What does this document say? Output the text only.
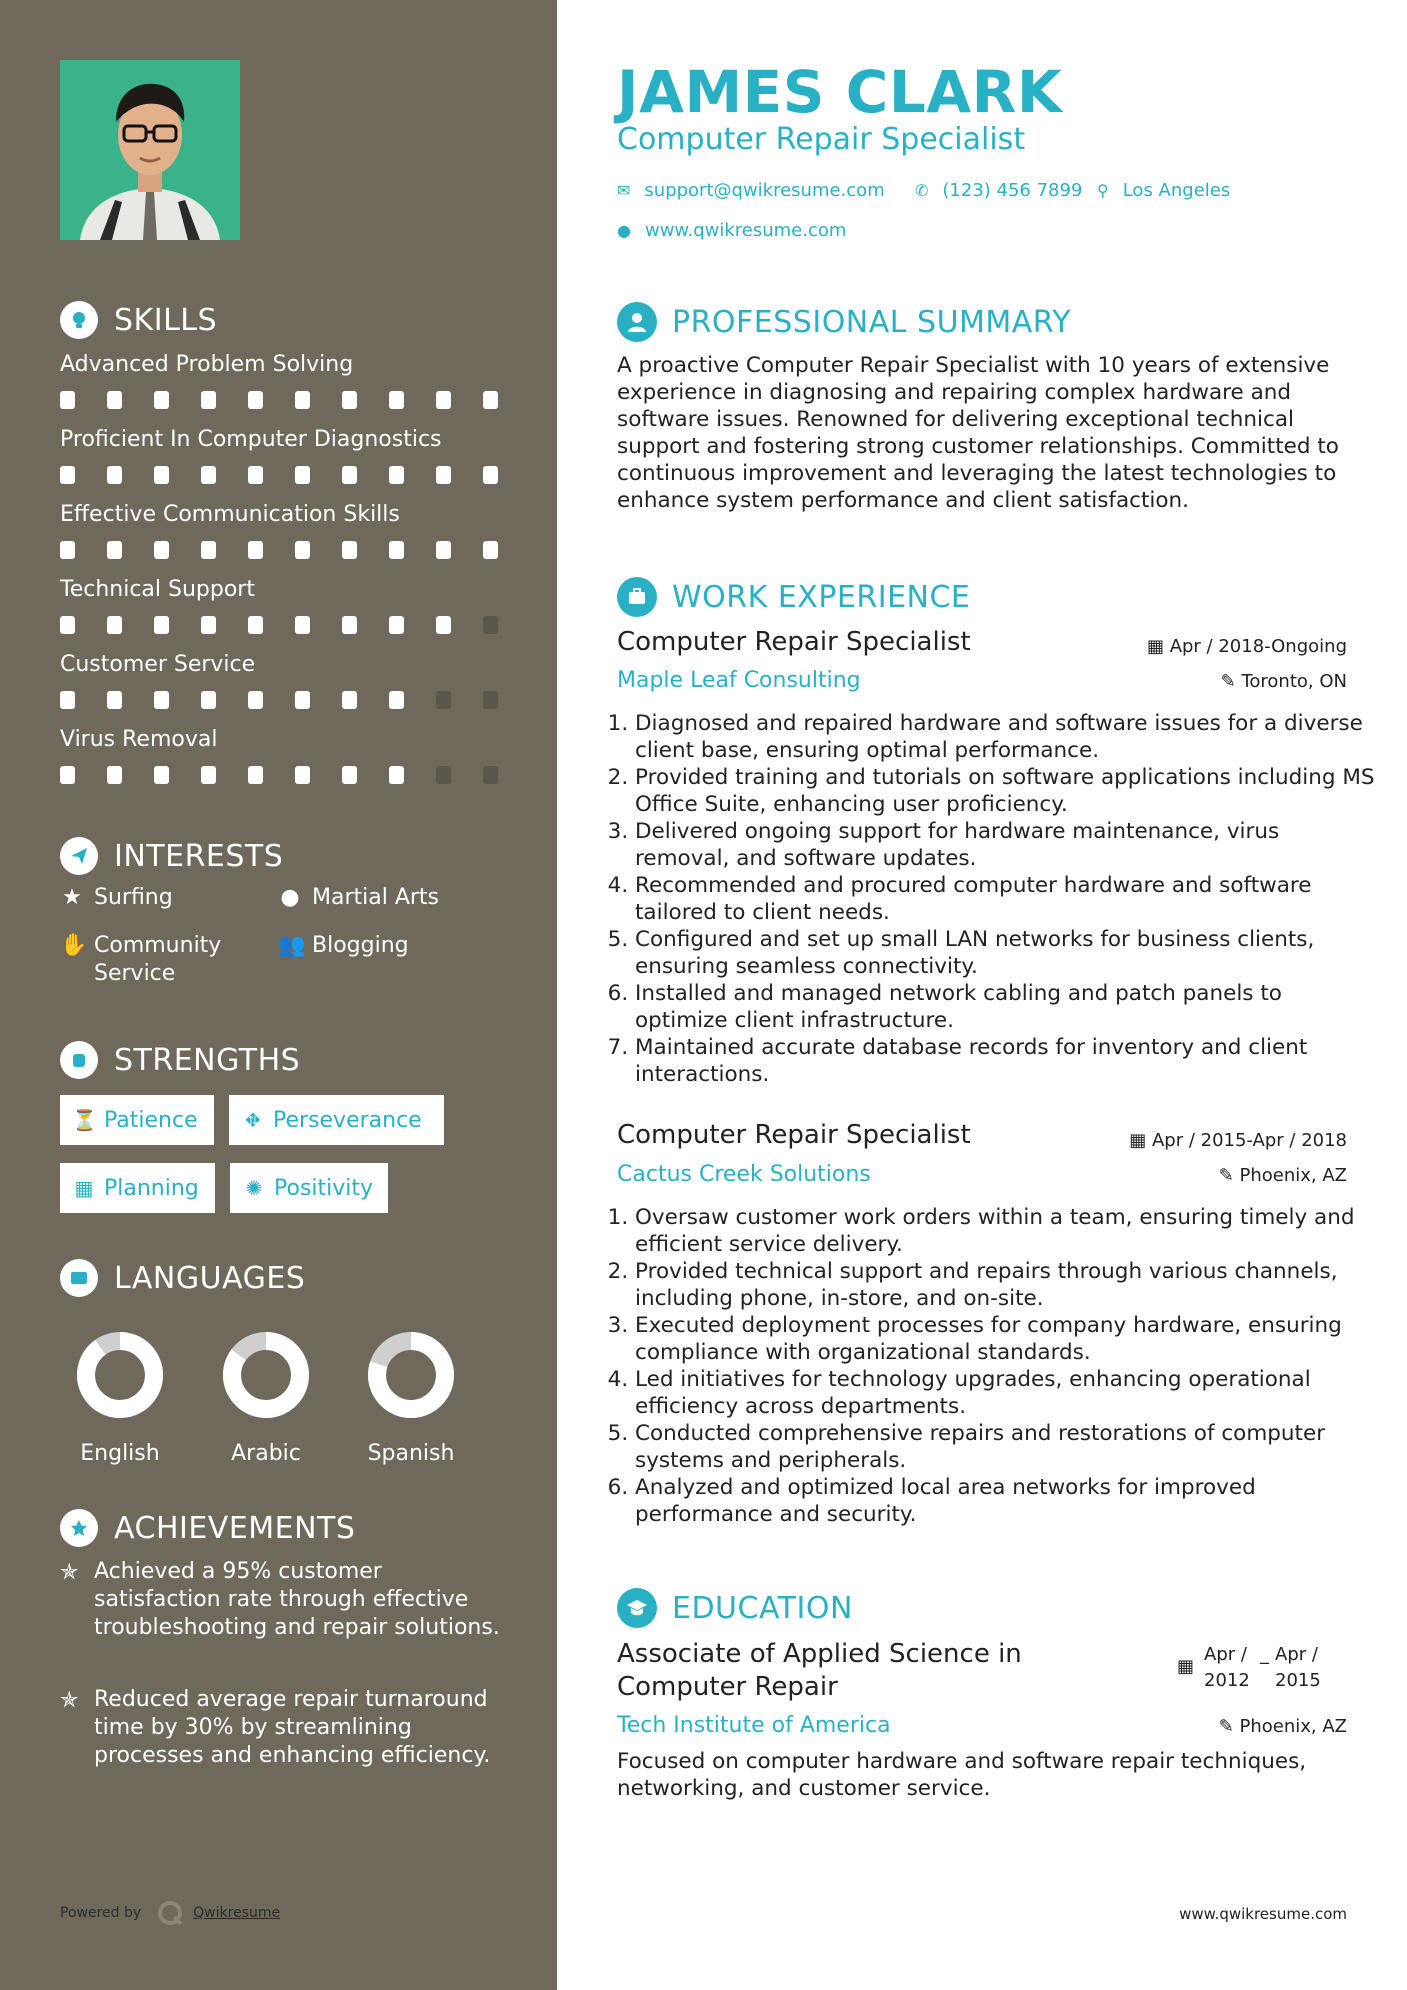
SKILLS
Advanced Problem Solving
Proficient In Computer Diagnostics
Effective Communication Skills
Technical Support
Customer Service
Virus Removal
INTERESTS
★ Surfing	● Martial Arts
✋ Community Service
👥 Blogging
STRENGTHS
⏳ Patience ⛖ Perseverance
▦ Planning ✺ Positivity
LANGUAGES
English	Arabic	Spanish
ACHIEVEMENTS
✯ Achieved a 95% customer satisfaction rate through effective troubleshooting and repair solutions.
✯ Reduced average repair turnaround time by 30% by streamlining processes and enhancing efficiency.
Powered by	Qwikresume
JAMES CLARK
Computer Repair Specialist
✉ support@qwikresume.com ✆ (123) 456 7899 ⚲ Los Angeles
● www.qwikresume.com
PROFESSIONAL SUMMARY
A proactive Computer Repair Specialist with 10 years of extensive experience in diagnosing and repairing complex hardware and software issues. Renowned for delivering exceptional technical support and fostering strong customer relationships. Committed to continuous improvement and leveraging the latest technologies to enhance system performance and client satisfaction.
WORK EXPERIENCE
Computer Repair Specialist	▦ Apr / 2018-Ongoing
Maple Leaf Consulting	✎ Toronto, ON
1. Diagnosed and repaired hardware and software issues for a diverse client base, ensuring optimal performance.
2. Provided training and tutorials on software applications including MS Office Suite, enhancing user proficiency.
3. Delivered ongoing support for hardware maintenance, virus removal, and software updates.
4. Recommended and procured computer hardware and software tailored to client needs.
5. Configured and set up small LAN networks for business clients, ensuring seamless connectivity.
6. Installed and managed network cabling and patch panels to optimize client infrastructure.
7. Maintained accurate database records for inventory and client interactions.
Computer Repair Specialist	▦ Apr / 2015-Apr / 2018
Cactus Creek Solutions	✎ Phoenix, AZ
1. Oversaw customer work orders within a team, ensuring timely and efficient service delivery.
2. Provided technical support and repairs through various channels, including phone, in-store, and on-site.
3. Executed deployment processes for company hardware, ensuring compliance with organizational standards.
4. Led initiatives for technology upgrades, enhancing operational efficiency across departments.
5. Conducted comprehensive repairs and restorations of computer systems and peripherals.
6. Analyzed and optimized local area networks for improved performance and security.
EDUCATION
Associate of Applied Science in Computer Repair
▦
Apr / 2012
_ Apr / 2015
Tech Institute of America	✎ Phoenix, AZ
Focused on computer hardware and software repair techniques, networking, and customer service.
www.qwikresume.com
